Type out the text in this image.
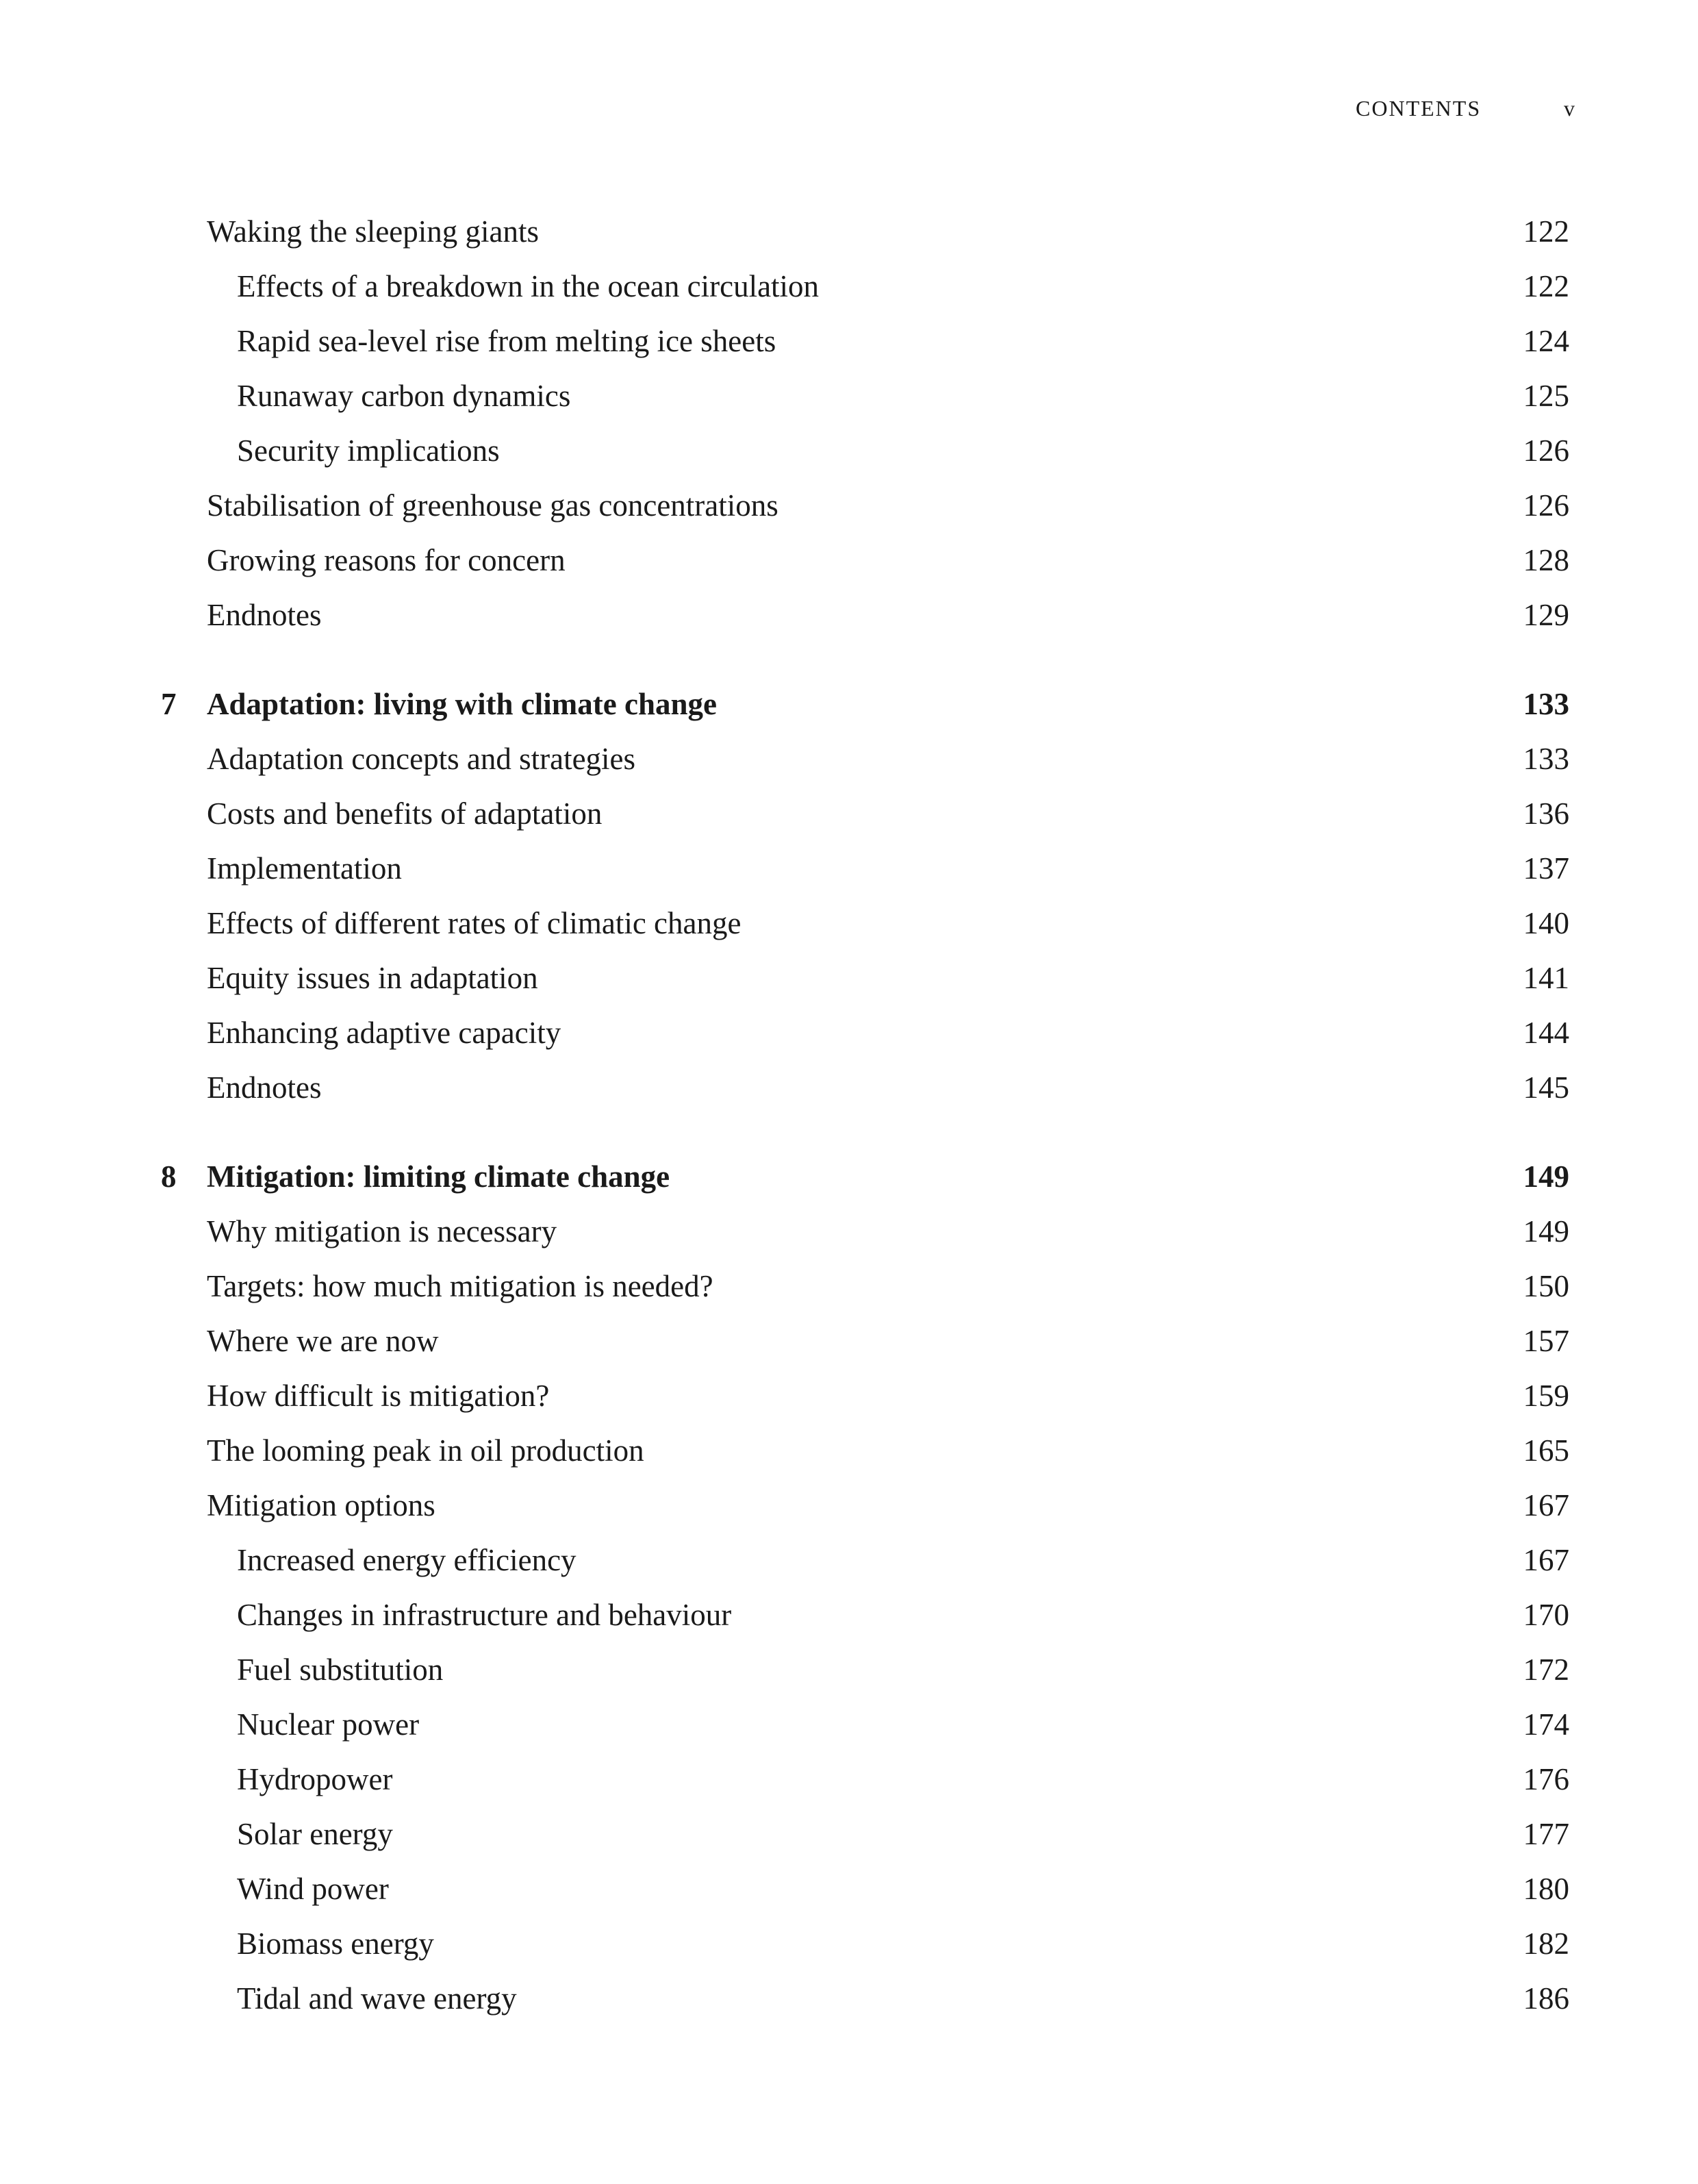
CONTENTS	v
Waking the sleeping giants	122
Effects of a breakdown in the ocean circulation	122
Rapid sea-level rise from melting ice sheets	124
Runaway carbon dynamics	125
Security implications	126
Stabilisation of greenhouse gas concentrations	126
Growing reasons for concern	128
Endnotes	129
7 Adaptation: living with climate change	133
Adaptation concepts and strategies	133
Costs and benefits of adaptation	136
Implementation	137
Effects of different rates of climatic change	140
Equity issues in adaptation	141
Enhancing adaptive capacity	144
Endnotes	145
8 Mitigation: limiting climate change	149
Why mitigation is necessary	149
Targets: how much mitigation is needed?	150
Where we are now	157
How difficult is mitigation?	159
The looming peak in oil production	165
Mitigation options	167
Increased energy efficiency	167
Changes in infrastructure and behaviour	170
Fuel substitution	172
Nuclear power	174
Hydropower	176
Solar energy	177
Wind power	180
Biomass energy	182
Tidal and wave energy	186
